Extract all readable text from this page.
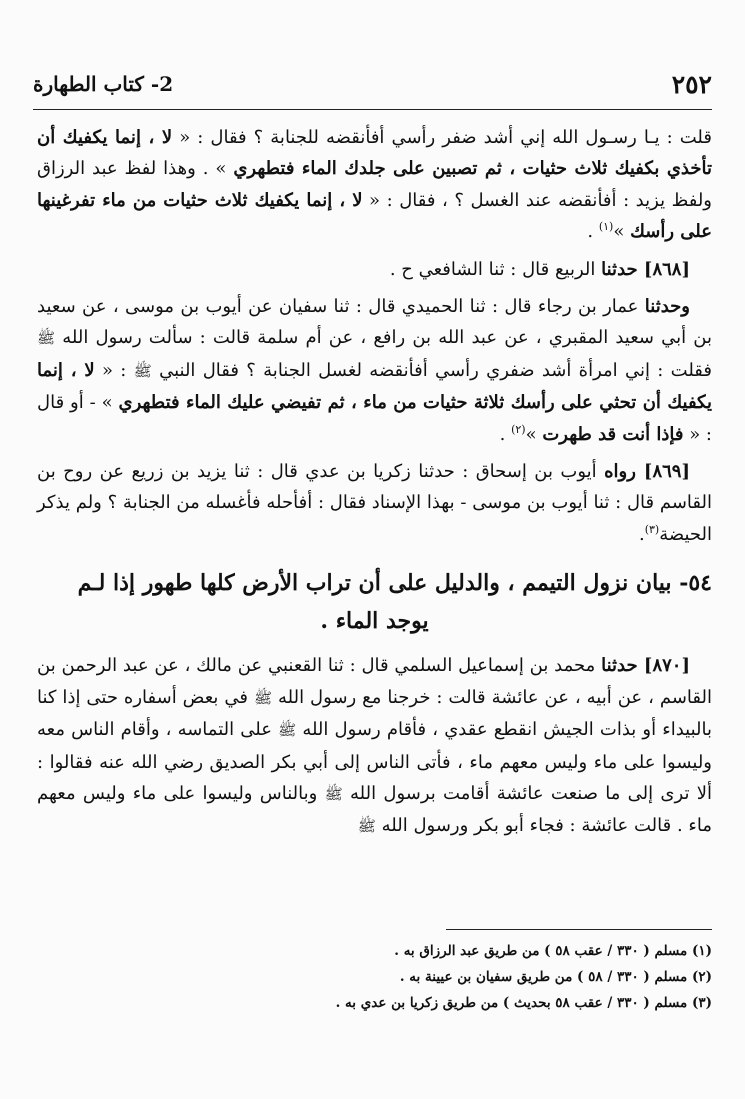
٢٥٢
2- كتاب الطهارة

قلت : يـا رسـول الله إني أشد ضفر رأسي أفأنقضه للجنابة ؟ فقال : « لا ، إنما يكفيك أن تأخذي بكفيك ثلاث حثيات ، ثم تصبين على جلدك الماء فتطهري » . وهذا لفظ عبد الرزاق ولفظ يزيد : أفأنقضه عند الغسل ؟ ، فقال : « لا ، إنما يكفيك ثلاث حثيات من ماء تفرغينها على رأسك »$^{(١)}$ .

[٨٦٨] حدثنا الربيع قال : ثنا الشافعي ح .

وحدثنا عمار بن رجاء قال : ثنا الحميدي قال : ثنا سفيان عن أيوب بن موسى ، عن سعيد بن أبي سعيد المقبري ، عن عبد الله بن رافع ، عن أم سلمة قالت : سألت رسول الله ﷺ فقلت : إني امرأة أشد ضفري رأسي أفأنقضه لغسل الجنابة ؟ فقال النبي ﷺ : « لا ، إنما يكفيك أن تحثي على رأسك ثلاثة حثيات من ماء ، ثم تفيضي عليك الماء فتطهري » - أو قال : « فإذا أنت قد طهرت »$^{(٢)}$ .

[٨٦٩] رواه أيوب بن إسحاق : حدثنا زكريا بن عدي قال : ثنا يزيد بن زريع عن روح بن القاسم قال : ثنا أيوب بن موسى - بهذا الإسناد فقال : أفأحله فأغسله من الجنابة ؟ ولم يذكر الحيضة$^{(٣)}$.

٥٤- بيان نزول التيمم ، والدليل على أن تراب الأرض كلها طهور إذا لـم
يوجد الماء .

[٨٧٠] حدثنا محمد بن إسماعيل السلمي قال : ثنا القعنبي عن مالك ، عن عبد الرحمن بن القاسم ، عن أبيه ، عن عائشة قالت : خرجنا مع رسول الله ﷺ في بعض أسفاره حتى إذا كنا بالبيداء أو بذات الجيش انقطع عقدي ، فأقام رسول الله ﷺ على التماسه ، وأقام الناس معه وليسوا على ماء وليس معهم ماء ، فأتى الناس إلى أبي بكر الصديق رضي الله عنه فقالوا : ألا ترى إلى ما صنعت عائشة أقامت برسول الله ﷺ وبالناس وليسوا على ماء وليس معهم ماء . قالت عائشة : فجاء أبو بكر ورسول الله ﷺ

(١) مسلم ( ٣٣٠ / عقب ٥٨ ) من طريق عبد الرزاق به .
(٢) مسلم ( ٣٣٠ / ٥٨ ) من طريق سفيان بن عيينة به .
(٣) مسلم ( ٣٣٠ / عقب ٥٨ بحديث ) من طريق زكريا بن عدي به .
